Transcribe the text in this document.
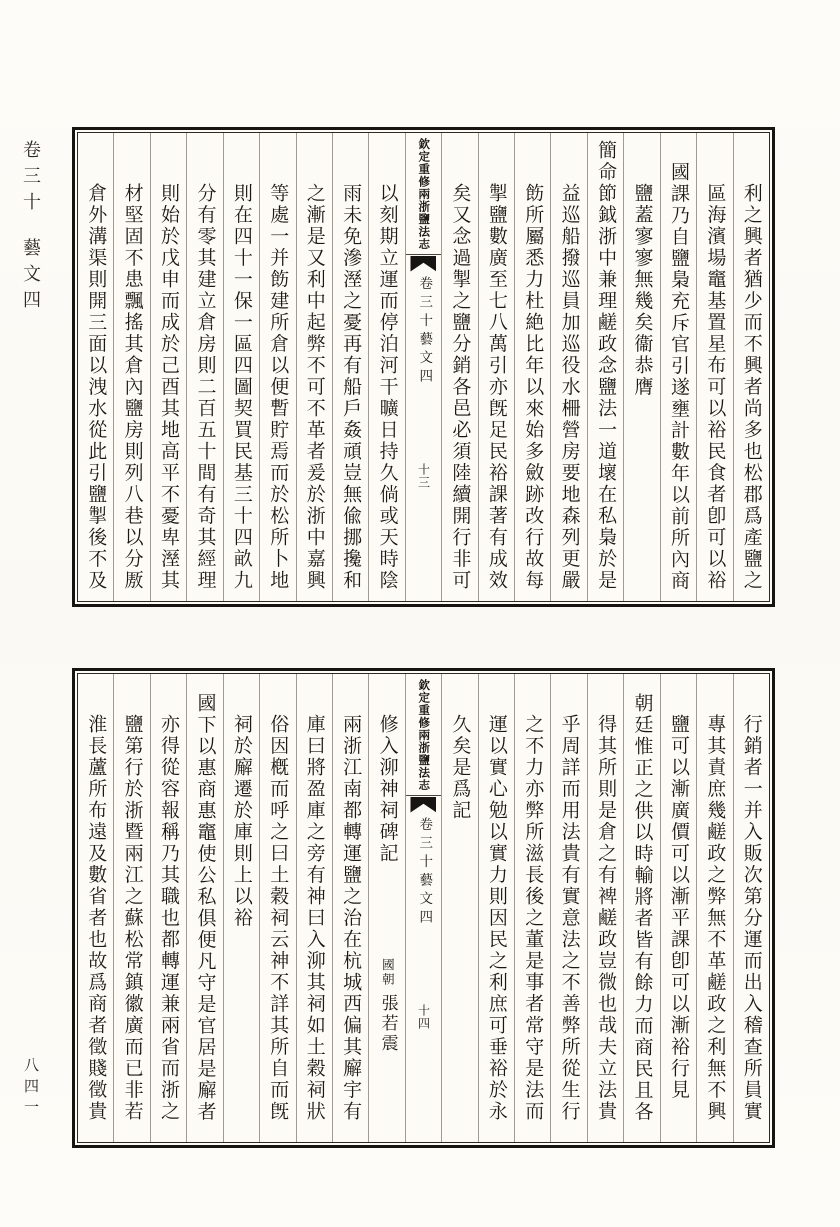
卷三十
藝文四
八四一
利之興者猶少而不興者尚多也松郡爲產鹽之
區海濱場竈基置星布可以裕民食者卽可以裕
國課乃自鹽梟充斥官引遂壅計數年以前所內商
鹽蓋寥寥無幾矣衞恭膺
簡命節鉞浙中兼理鹺政念鹽法一道壞在私梟於是
益巡船撥巡員加巡役水柵營房要地森列更嚴
飭所屬悉力杜絶比年以來始多斂跡改行故每
掣鹽數廣至七八萬引亦旣足民裕課著有成效
矣又念過掣之鹽分銷各邑必須陸續開行非可
欽定重修兩浙鹽法志
卷三十藝文四
十三
以刻期立運而停泊河干曠日持久倘或天時陰
雨未免滲溼之憂再有船戶姦頑豈無偸挪攙和
之漸是又利中起弊不可不革者爰於浙中嘉興
等處一并飭建所倉以便暫貯焉而於松所卜地
則在四十一保一區四圖契買民基三十四畝九
分有零其建立倉房則二百五十間有奇其經理
則始於戊申而成於己酉其地高平不憂卑溼其
材堅固不患飄搖其倉內鹽房則列八巷以分厫
倉外溝渠則開三面以洩水從此引鹽掣後不及
行銷者一并入販次第分運而出入稽查所員實
專其責庶幾鹺政之弊無不革鹺政之利無不興
鹽可以漸廣價可以漸平課卽可以漸裕行見
朝廷惟正之供以時輸將者皆有餘力而商民且各
得其所則是倉之有裨鹺政豈微也哉夫立法貴
乎周詳而用法貴有實意法之不善弊所從生行
之不力亦弊所滋長後之董是事者常守是法而
運以實心勉以實力則因民之利庶可垂裕於永
久矣是爲記
欽定重修兩浙鹽法志
卷三十藝文四
十四
修入泖神祠碑記
國朝
張若震
兩浙江南都轉運鹽之治在杭城西偏其廨宇有
庫曰將盈庫之旁有神曰入泖其祠如土穀祠狀
俗因槪而呼之曰土穀祠云神不詳其所自而旣
祠於廨遷於庫則上以裕
國下以惠商惠竈使公私俱便凡守是官居是廨者
亦得從容報稱乃其職也都轉運兼兩省而浙之
鹽第行於浙暨兩江之蘇松常鎮徽廣而已非若
淮長蘆所布遠及數省者也故爲商者徵賤徵貴
